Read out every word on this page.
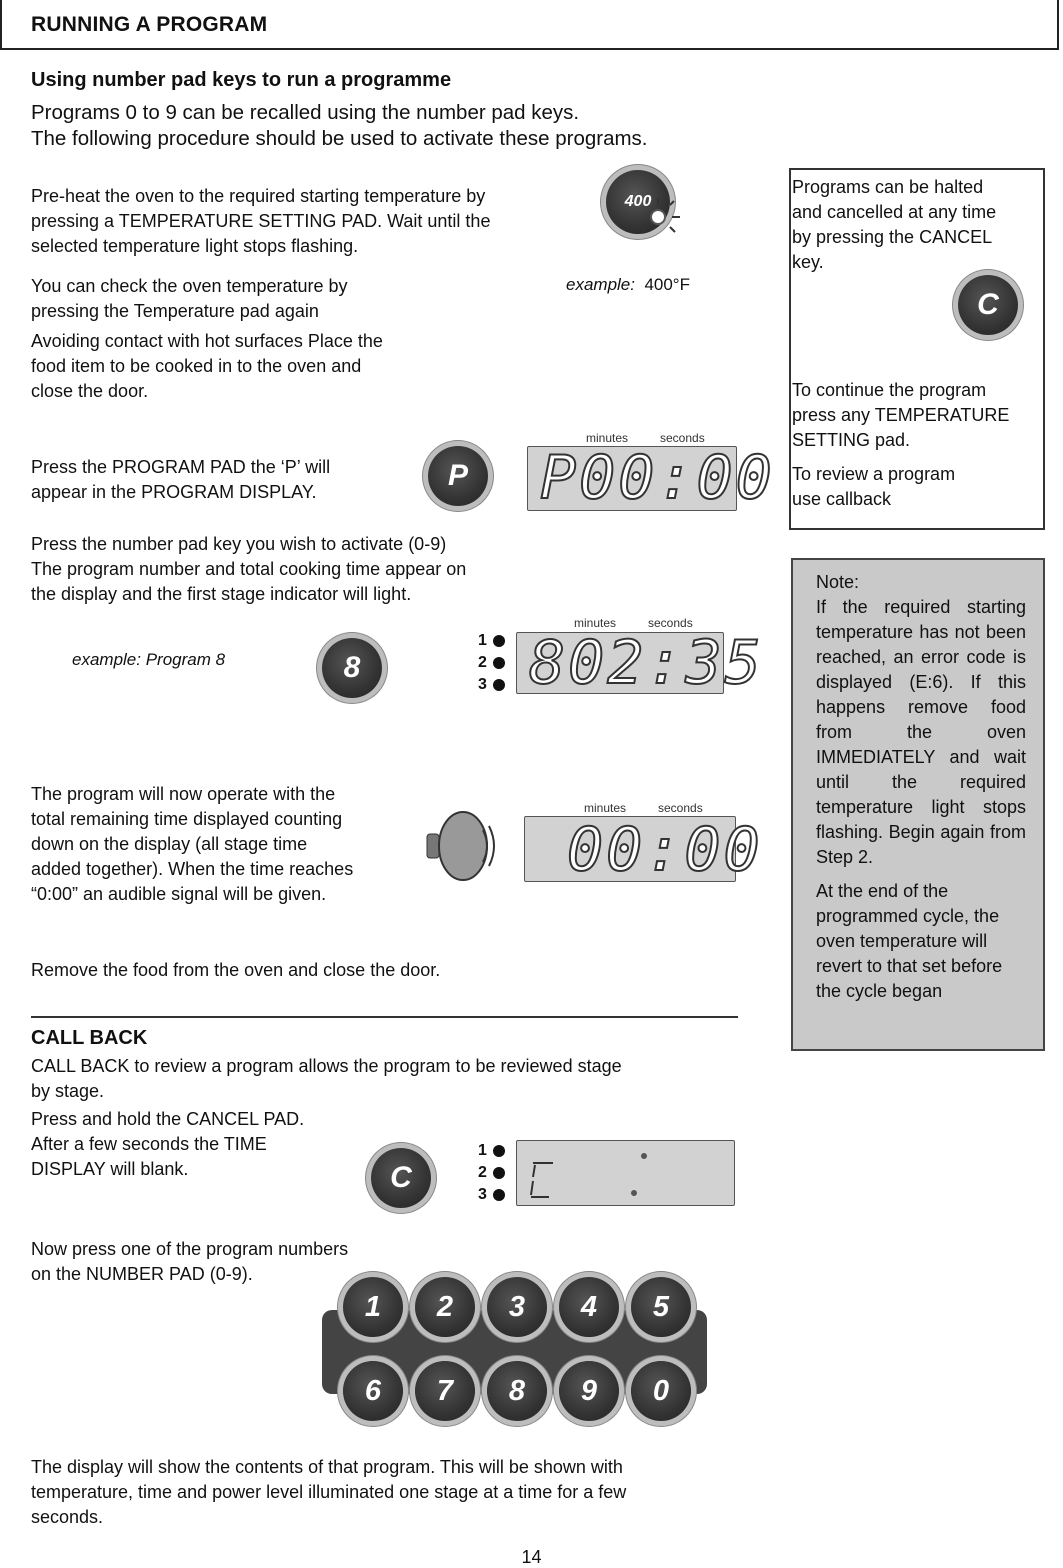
RUNNING A PROGRAM
Using number pad keys to run a programme
Programs 0 to 9 can be recalled using the number pad keys.
The following procedure should be used to activate these programs.
Pre-heat the oven to the required starting temperature by
pressing a TEMPERATURE SETTING PAD. Wait until the
selected temperature light stops flashing.
400
You can check the oven temperature by
pressing the Temperature pad again
example: 400°F
Avoiding contact with hot surfaces Place the
food item to be cooked in to the oven and
close the door.
Press the PROGRAM PAD the ‘P’ will
appear in the PROGRAM DISPLAY.	P
minutes	seconds
P00:00
Press the number pad key you wish to activate (0-9)
The program number and total cooking time appear on
the display and the first stage indicator will light.
example: Program 8	8
minutes	seconds
1
2
3 802:35
The program will now operate with the
total remaining time displayed counting
down on the display (all stage time
added together). When the time reaches
“0:00” an audible signal will be given.
minutes	seconds
00:00
Remove the food from the oven and close the door.
Programs can be halted
and cancelled at any time
by pressing the CANCEL
key.
C
To continue the program
press any TEMPERATURE
SETTING pad.
To review a program
use callback
Note:
If the required starting temperature has not been reached, an error code is displayed (E:6). If this happens remove food from the oven IMMEDIATELY and wait until the required temperature light stops flashing. Begin again from Step 2.
At the end of the programmed cycle, the oven temperature will revert to that set before the cycle began
CALL BACK
CALL BACK to review a program allows the program to be reviewed stage
by stage.
Press and hold the CANCEL PAD.
After a few seconds the TIME
DISPLAY will blank.	C
1
2
3
Now press one of the program numbers
on the NUMBER PAD (0-9).
1 2 3 4 5
6 7 8 9 0
The display will show the contents of that program. This will be shown with
temperature, time and power level illuminated one stage at a time for a few
seconds.
14
